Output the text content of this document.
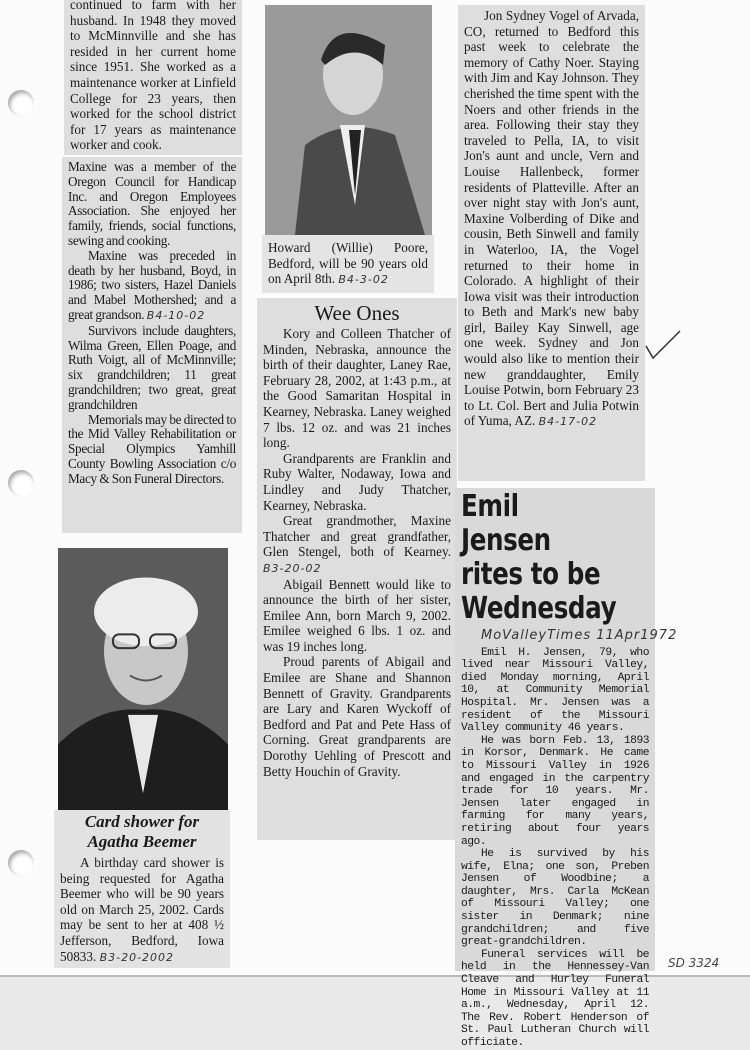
continued to farm with her husband. In 1948 they moved to McMinnville and she has resided in her current home since 1951. She worked as a maintenance worker at Linfield College for 23 years, then worked for the school district for 17 years as maintenance worker and cook.

Maxine was a member of the Oregon Council for Handicap Inc. and Oregon Employees Association. She enjoyed her family, friends, social functions, sewing and cooking.

Maxine was preceded in death by her husband, Boyd, in 1986; two sisters, Hazel Daniels and Mabel Mothershed; and a great grandson. B4-10-02

Survivors include daughters, Wilma Green, Ellen Poage, and Ruth Voigt, all of McMinnville; six grandchildren; 11 great grandchildren; two great, great grandchildren

Memorials may be directed to the Mid Valley Rehabilitation or Special Olympics Yamhill County Bowling Association c/o Macy & Son Funeral Directors.

Card shower for
Agatha Beemer

A birthday card shower is being requested for Agatha Beemer who will be 90 years old on March 25, 2002. Cards may be sent to her at 408 ½ Jefferson, Bedford, Iowa 50833. B3-20-2002

Howard (Willie) Poore, Bedford, will be 90 years old on April 8th. B4-3-02

Wee Ones

Kory and Colleen Thatcher of Minden, Nebraska, announce the birth of their daughter, Laney Rae, February 28, 2002, at 1:43 p.m., at the Good Samaritan Hospital in Kearney, Nebraska. Laney weighed 7 lbs. 12 oz. and was 21 inches long.

Grandparents are Franklin and Ruby Walter, Nodaway, Iowa and Lindley and Judy Thatcher, Kearney, Nebraska.

Great grandmother, Maxine Thatcher and great grandfather, Glen Stengel, both of Kearney. B3-20-02

Abigail Bennett would like to announce the birth of her sister, Emilee Ann, born March 9, 2002. Emilee weighed 6 lbs. 1 oz. and was 19 inches long.

Proud parents of Abigail and Emilee are Shane and Shannon Bennett of Gravity. Grandparents are Lary and Karen Wyckoff of Bedford and Pat and Pete Hass of Corning. Great grandparents are Dorothy Uehling of Prescott and Betty Houchin of Gravity.

Jon Sydney Vogel of Arvada, CO, returned to Bedford this past week to celebrate the memory of Cathy Noer. Staying with Jim and Kay Johnson. They cherished the time spent with the Noers and other friends in the area. Following their stay they traveled to Pella, IA, to visit Jon's aunt and uncle, Vern and Louise Hallenbeck, former residents of Platteville. After an over night stay with Jon's aunt, Maxine Volberding of Dike and cousin, Beth Sinwell and family in Waterloo, IA, the Vogel returned to their home in Colorado. A highlight of their Iowa visit was their introduction to Beth and Mark's new baby girl, Bailey Kay Sinwell, age one week. Sydney and Jon would also like to mention their new granddaughter, Emily Louise Potwin, born February 23 to Lt. Col. Bert and Julia Potwin of Yuma, AZ. B4-17-02

Emil Jensen
rites to be
Wednesday
MoValleyTimes 11Apr1972

Emil H. Jensen, 79, who lived near Missouri Valley, died Monday morning, April 10, at Community Memorial Hospital. Mr. Jensen was a resident of the Missouri Valley community 46 years.

He was born Feb. 13, 1893 in Korsor, Denmark. He came to Missouri Valley in 1926 and engaged in the carpentry trade for 10 years. Mr. Jensen later engaged in farming for many years, retiring about four years ago.

He is survived by his wife, Elna; one son, Preben Jensen of Woodbine; a daughter, Mrs. Carla McKean of Missouri Valley; one sister in Denmark; nine grandchildren; and five great-grandchildren.

Funeral services will be held in the Hennessey-Van Cleave and Hurley Funeral Home in Missouri Valley at 11 a.m., Wednesday, April 12. The Rev. Robert Henderson of St. Paul Lutheran Church will officiate.

SD 3324
